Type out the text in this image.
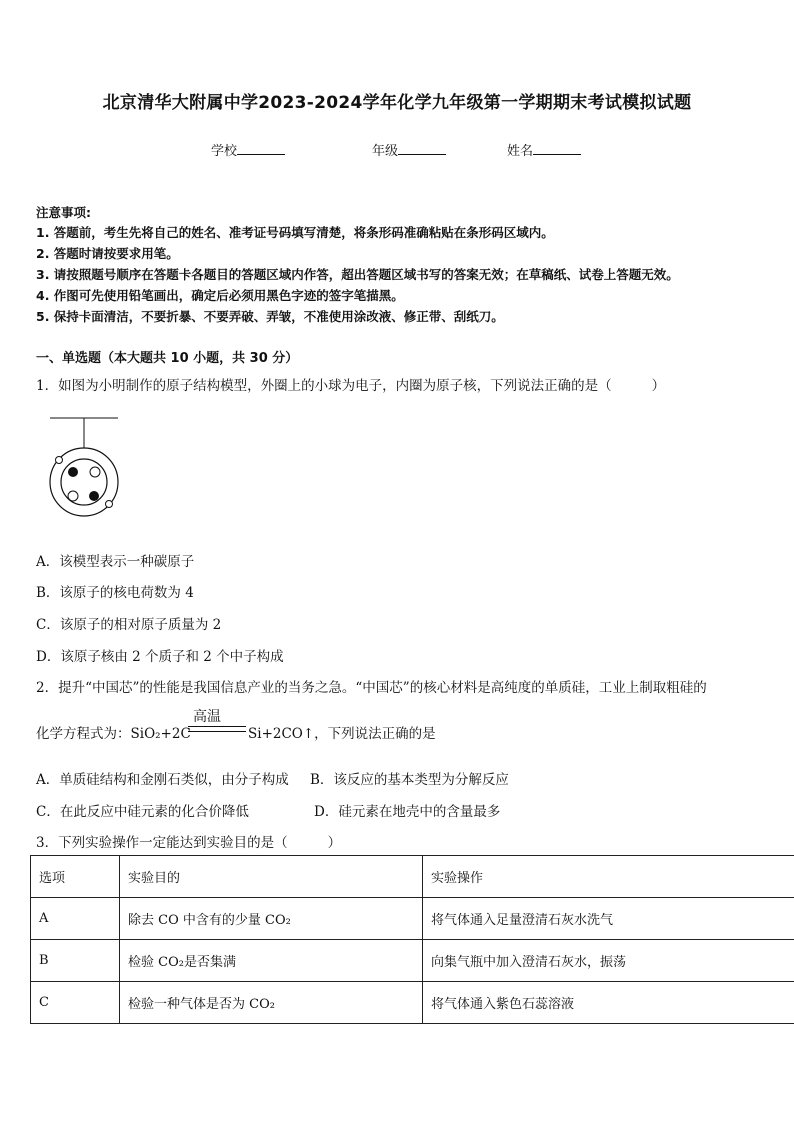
北京清华大附属中学2023-2024学年化学九年级第一学期期末考试模拟试题
学校	年级	姓名
注意事项:
1. 答题前，考生先将自己的姓名、准考证号码填写清楚，将条形码准确粘贴在条形码区域内。
2. 答题时请按要求用笔。
3. 请按照题号顺序在答题卡各题目的答题区域内作答，超出答题区域书写的答案无效；在草稿纸、试卷上答题无效。
4. 作图可先使用铅笔画出，确定后必须用黑色字迹的签字笔描黑。
5. 保持卡面清洁，不要折暴、不要弄破、弄皱，不准使用涂改液、修正带、刮纸刀。
一、单选题（本大题共 10 小题，共 30 分）
1．如图为小明制作的原子结构模型，外圈上的小球为电子，内圈为原子核，下列说法正确的是（	）
A．该模型表示一种碳原子
B．该原子的核电荷数为 4
C．该原子的相对原子质量为 2
D．该原子核由 2 个质子和 2 个中子构成
2．提升“中国芯”的性能是我国信息产业的当务之急。“中国芯”的核心材料是高纯度的单质硅，工业上制取粗硅的
化学方程式为：SiO₂+2C
高温
Si+2CO↑，下列说法正确的是
A．单质硅结构和金刚石类似，由分子构成 B．该反应的基本类型为分解反应
C．在此反应中硅元素的化合价降低	D．硅元素在地壳中的含量最多
3．下列实验操作一定能达到实验目的是（	）
选项	实验目的	实验操作
A	除去 CO 中含有的少量 CO₂	将气体通入足量澄清石灰水洗气
B	检验 CO₂是否集满	向集气瓶中加入澄清石灰水，振荡
C	检验一种气体是否为 CO₂	将气体通入紫色石蕊溶液
